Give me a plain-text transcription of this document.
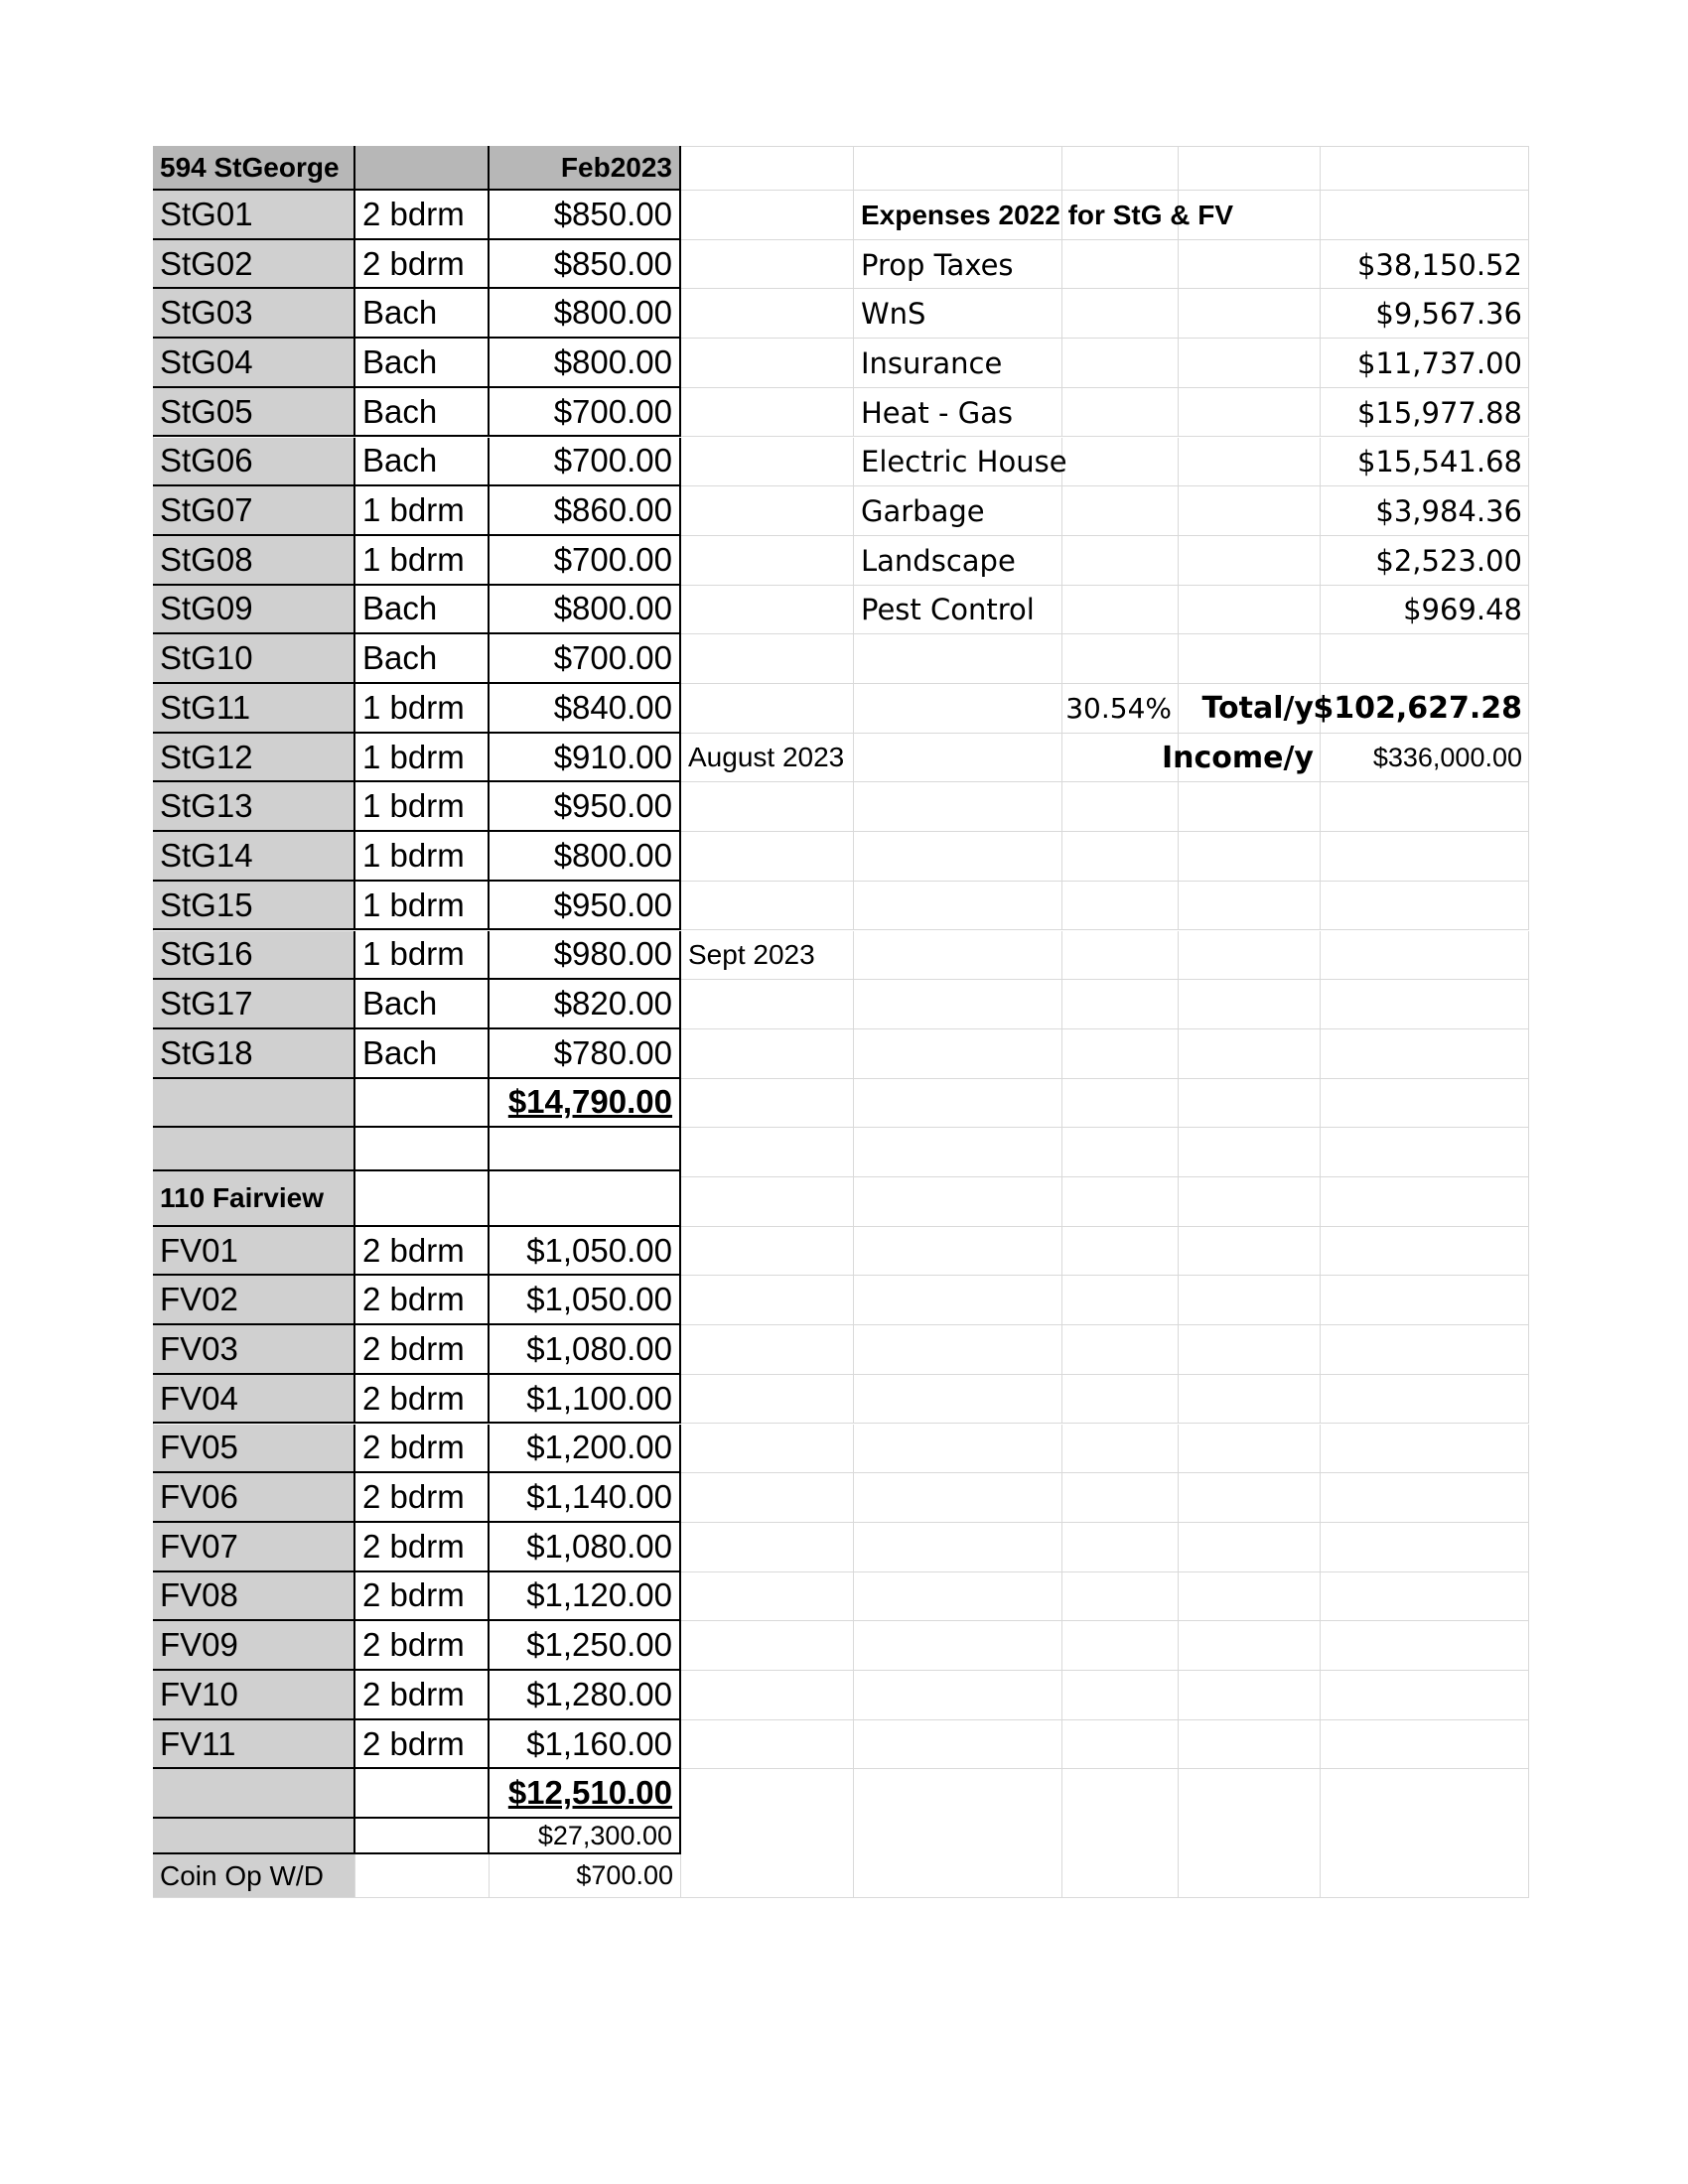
594 StGeorge	Feb2023
StG01	2 bdrm	$850.00
StG02	2 bdrm	$850.00
StG03	Bach	$800.00
StG04	Bach	$800.00
StG05	Bach	$700.00
StG06	Bach	$700.00
StG07	1 bdrm	$860.00
StG08	1 bdrm	$700.00
StG09	Bach	$800.00
StG10	Bach	$700.00
StG11	1 bdrm	$840.00
StG12	1 bdrm	$910.00 August 2023
StG13	1 bdrm	$950.00
StG14	1 bdrm	$800.00
StG15	1 bdrm	$950.00
StG16	1 bdrm	$980.00 Sept 2023
StG17	Bach	$820.00
StG18	Bach	$780.00
$14,790.00
110 Fairview
FV01	2 bdrm	$1,050.00
FV02	2 bdrm	$1,050.00
FV03	2 bdrm	$1,080.00
FV04	2 bdrm	$1,100.00
FV05	2 bdrm	$1,200.00
FV06	2 bdrm	$1,140.00
FV07	2 bdrm	$1,080.00
FV08	2 bdrm	$1,120.00
FV09	2 bdrm	$1,250.00
FV10	2 bdrm	$1,280.00
FV11	2 bdrm	$1,160.00
$12,510.00
$27,300.00
Coin Op W/D	$700.00
Expenses 2022 for StG & FV
Prop Taxes	$38,150.52
WnS	$9,567.36
Insurance	$11,737.00
Heat - Gas	$15,977.88
Electric House	$15,541.68
Garbage	$3,984.36
Landscape	$2,523.00
Pest Control	$969.48
30.54%	Total/y $102,627.28
Income/y	$336,000.00
